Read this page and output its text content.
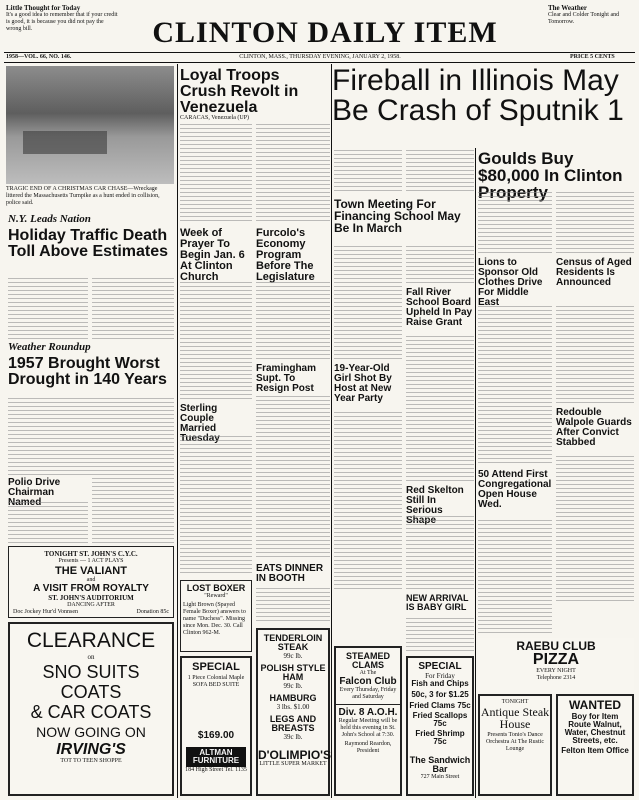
Little Thought for Today
It's a good idea to remember that if your credit is good, it is because you did not pay the wrong bill.	CLINTON DAILY ITEM
The Weather
Clear and Colder Tonight and Tomorrow.
1958—VOL. 66, NO. 146.	CLINTON, MASS., THURSDAY EVENING, JANUARY 2, 1958.	PRICE 5 CENTS
TRAGIC END OF A CHRISTMAS CAR CHASE—Wreckage littered the Massachusetts Turnpike as a hunt ended in collision, police said.
Loyal Troops Crush Revolt in Venezuela
CARACAS, Venezuela (UP)
Fireball in Illinois May Be Crash of Sputnik 1
Goulds Buy $80,000 In Clinton Property
N.Y. Leads Nation
Holiday Traffic Death Toll Above Estimates
Weather Roundup
1957 Brought Worst Drought in 140 Years
Polio Drive Chairman Named
TONIGHT ST. JOHN'S C.Y.C.
Presents — 1 ACT PLAYS
THE VALIANT
and
A VISIT FROM ROYALTY
ST. JOHN'S AUDITORIUM
DANCING AFTER
Doc Jockey Hur'd Vonnsen	Donation 85c
CLEARANCE
on
SNO SUITS
COATS
& CAR COATS
NOW GOING ON
IRVING'S
TOT TO TEEN SHOPPE
Week of Prayer To Begin Jan. 6 At Clinton Church
Sterling Couple Married Tuesday
Furcolo's Economy Program Before The Legislature
Framingham Supt. To Resign Post
Town Meeting For Financing School May Be In March
Fall River School Board Upheld In Pay Raise Grant
19-Year-Old Girl Shot By Host at New Year Party
Red Skelton Still In Serious Shape
Lions to Sponsor Old Clothes Drive For Middle East
Census of Aged Residents Is Announced
Redouble Walpole Guards After Convict Stabbed
50 Attend First Congregational Open House Wed.
NEW ARRIVAL IS BABY GIRL
EATS DINNER IN BOOTH
LOST BOXER
"Reward"
Light Brown (Spayed Female Boxer) answers to name "Duchess". Missing since Mon. Dec. 30. Call Clinton 962-M.
SPECIAL
1 Piece Colonial Maple SOFA BED SUITE
$169.00
ALTMAN FURNITURE
184 High Street Tel. 1135
TENDERLOIN STEAK
99c lb.
POLISH STYLE HAM
99c lb.
HAMBURG
3 lbs. $1.00
LEGS AND BREASTS
39c lb.
D'OLIMPIO'S
LITTLE SUPER MARKET
STEAMED CLAMS
At The
Falcon Club
Every Thursday, Friday and Saturday
Div. 8 A.O.H.
Regular Meeting will be held this evening in St. John's School at 7:30.
Raymond Reardon, President
SPECIAL
For Friday
Fish and Chips
50c, 3 for $1.25
Fried Clams 75c
Fried Scallops 75c
Fried Shrimp 75c
The Sandwich Bar
727 Main Street
RAEBU CLUB
PIZZA
EVERY NIGHT
Telephone 2314
TONIGHT
Antique Steak House
Presents Tonio's Dance Orchestra At The Rustic Lounge
WANTED
Boy for Item Route Walnut, Water, Chestnut Streets, etc.
Felton Item Office
